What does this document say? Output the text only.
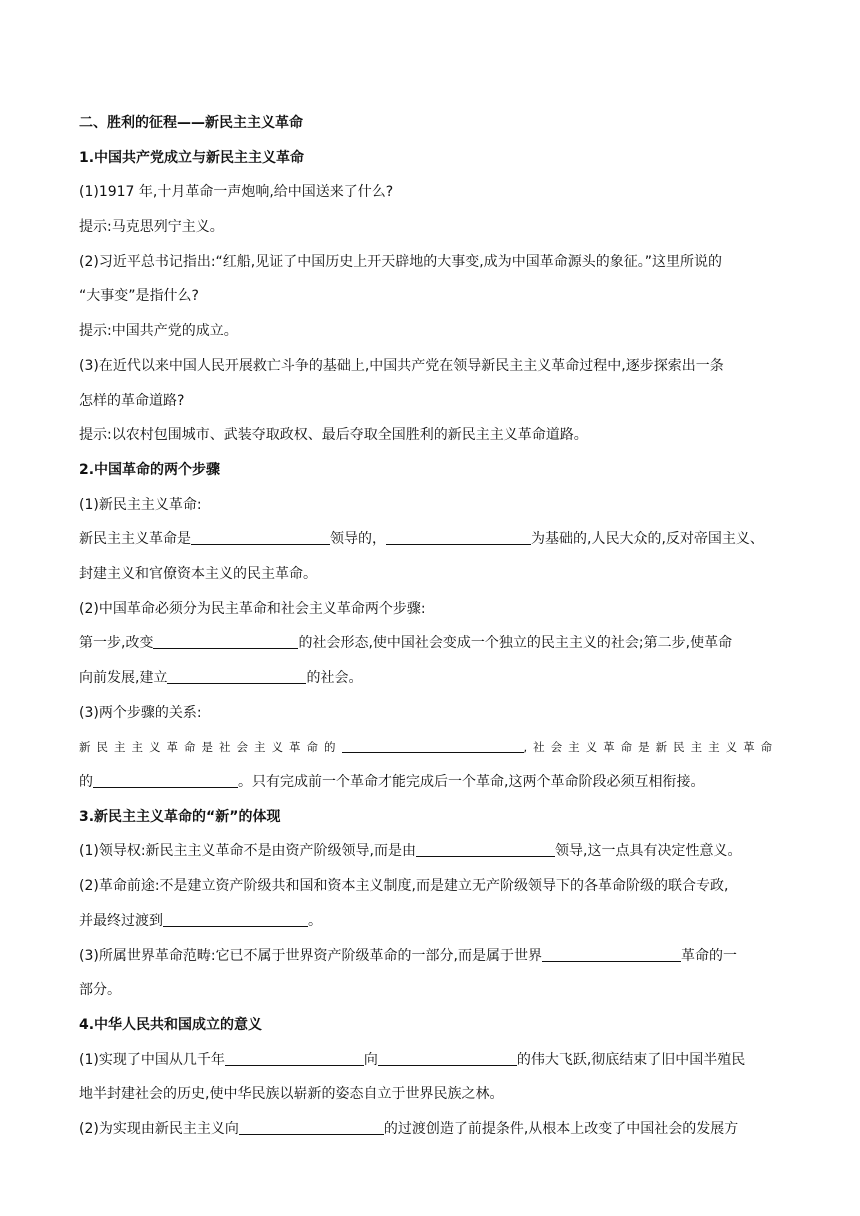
二、胜利的征程——新民主主义革命
1.中国共产党成立与新民主主义革命
(1)1917 年,十月革命一声炮响,给中国送来了什么?
提示:马克思列宁主义。
(2)习近平总书记指出:“红船,见证了中国历史上开天辟地的大事变,成为中国革命源头的象征。”这里所说的
“大事变”是指什么?
提示:中国共产党的成立。
(3)在近代以来中国人民开展救亡斗争的基础上,中国共产党在领导新民主主义革命过程中,逐步探索出一条
怎样的革命道路?
提示:以农村包围城市、武装夺取政权、最后夺取全国胜利的新民主主义革命道路。
2.中国革命的两个步骤
(1)新民主主义革命:
新民主主义革命是	领导的，	为基础的,人民大众的,反对帝国主义、
封建主义和官僚资本主义的民主革命。
(2)中国革命必须分为民主革命和社会主义革命两个步骤:
第一步,改变	的社会形态,使中国社会变成一个独立的民主主义的社会;第二步,使革命
向前发展,建立	的社会。
(3)两个步骤的关系:
新民主主义革命是社会主义革命的	,社会主义革命是新民主主义革命
的	。只有完成前一个革命才能完成后一个革命,这两个革命阶段必须互相衔接。
3.新民主主义革命的“新”的体现
(1)领导权:新民主主义革命不是由资产阶级领导,而是由	领导,这一点具有决定性意义。
(2)革命前途:不是建立资产阶级共和国和资本主义制度,而是建立无产阶级领导下的各革命阶级的联合专政,
并最终过渡到	。
(3)所属世界革命范畴:它已不属于世界资产阶级革命的一部分,而是属于世界	革命的一
部分。
4.中华人民共和国成立的意义
(1)实现了中国从几千年	向	的伟大飞跃,彻底结束了旧中国半殖民
地半封建社会的历史,使中华民族以崭新的姿态自立于世界民族之林。
(2)为实现由新民主主义向	的过渡创造了前提条件,从根本上改变了中国社会的发展方
